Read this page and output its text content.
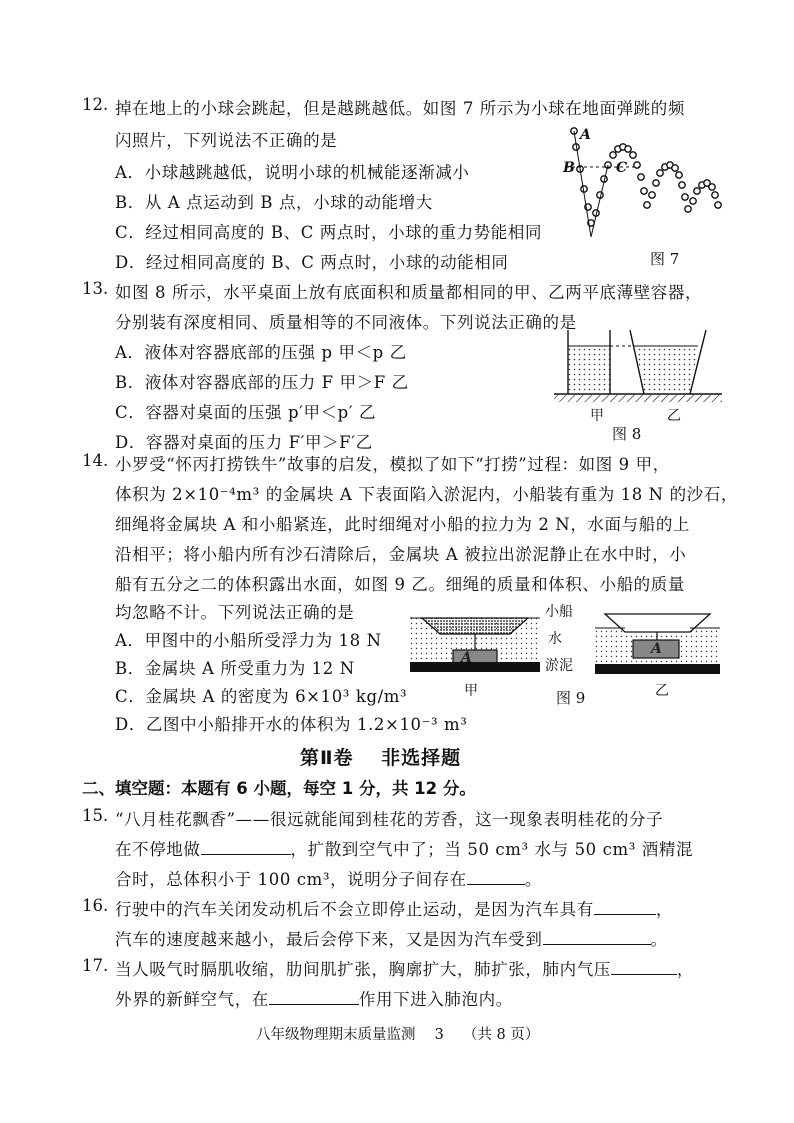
12. 掉在地上的小球会跳起，但是越跳越低。如图 7 所示为小球在地面弹跳的频
闪照片，下列说法不正确的是
A．小球越跳越低，说明小球的机械能逐渐减小
B．从 A 点运动到 B 点，小球的动能增大
C．经过相同高度的 B、C 两点时，小球的重力势能相同
D．经过相同高度的 B、C 两点时，小球的动能相同
A
B	C
图 7
13. 如图 8 所示，水平桌面上放有底面积和质量都相同的甲、乙两平底薄壁容器，
分别装有深度相同、质量相等的不同液体。下列说法正确的是
A．液体对容器底部的压强 p 甲＜p 乙
B．液体对容器底部的压力 F 甲＞F 乙
C．容器对桌面的压强 p′甲＜p′ 乙
D．容器对桌面的压力 F′甲＞F′乙
甲	乙
图 8
14. 小罗受“怀丙打捞铁牛”故事的启发，模拟了如下“打捞”过程：如图 9 甲，
体积为 2×10⁻⁴m³ 的金属块 A 下表面陷入淤泥内，小船装有重为 18 N 的沙石，
细绳将金属块 A 和小船紧连，此时细绳对小船的拉力为 2 N，水面与船的上
沿相平；将小船内所有沙石清除后，金属块 A 被拉出淤泥静止在水中时，小
船有五分之二的体积露出水面，如图 9 乙。细绳的质量和体积、小船的质量
均忽略不计。下列说法正确的是
A．甲图中的小船所受浮力为 18 N
B．金属块 A 所受重力为 12 N
C．金属块 A 的密度为 6×10³ kg/m³
D．乙图中小船排开水的体积为 1.2×10⁻³ m³
A
小船
水
淤泥
甲	图 9
A
乙
第Ⅱ卷　 非选择题
二、填空题：本题有 6 小题，每空 1 分，共 12 分。
15. “八月桂花飘香”——很远就能闻到桂花的芳香，这一现象表明桂花的分子
在不停地做	，扩散到空气中了；当 50 cm³ 水与 50 cm³ 酒精混
合时，总体积小于 100 cm³，说明分子间存在	。
16. 行驶中的汽车关闭发动机后不会立即停止运动，是因为汽车具有	，
汽车的速度越来越小，最后会停下来，又是因为汽车受到	。
17. 当人吸气时膈肌收缩，肋间肌扩张，胸廓扩大，肺扩张，肺内气压	，
外界的新鲜空气，在	作用下进入肺泡内。
八年级物理期末质量监测　 3　 （共 8 页）
